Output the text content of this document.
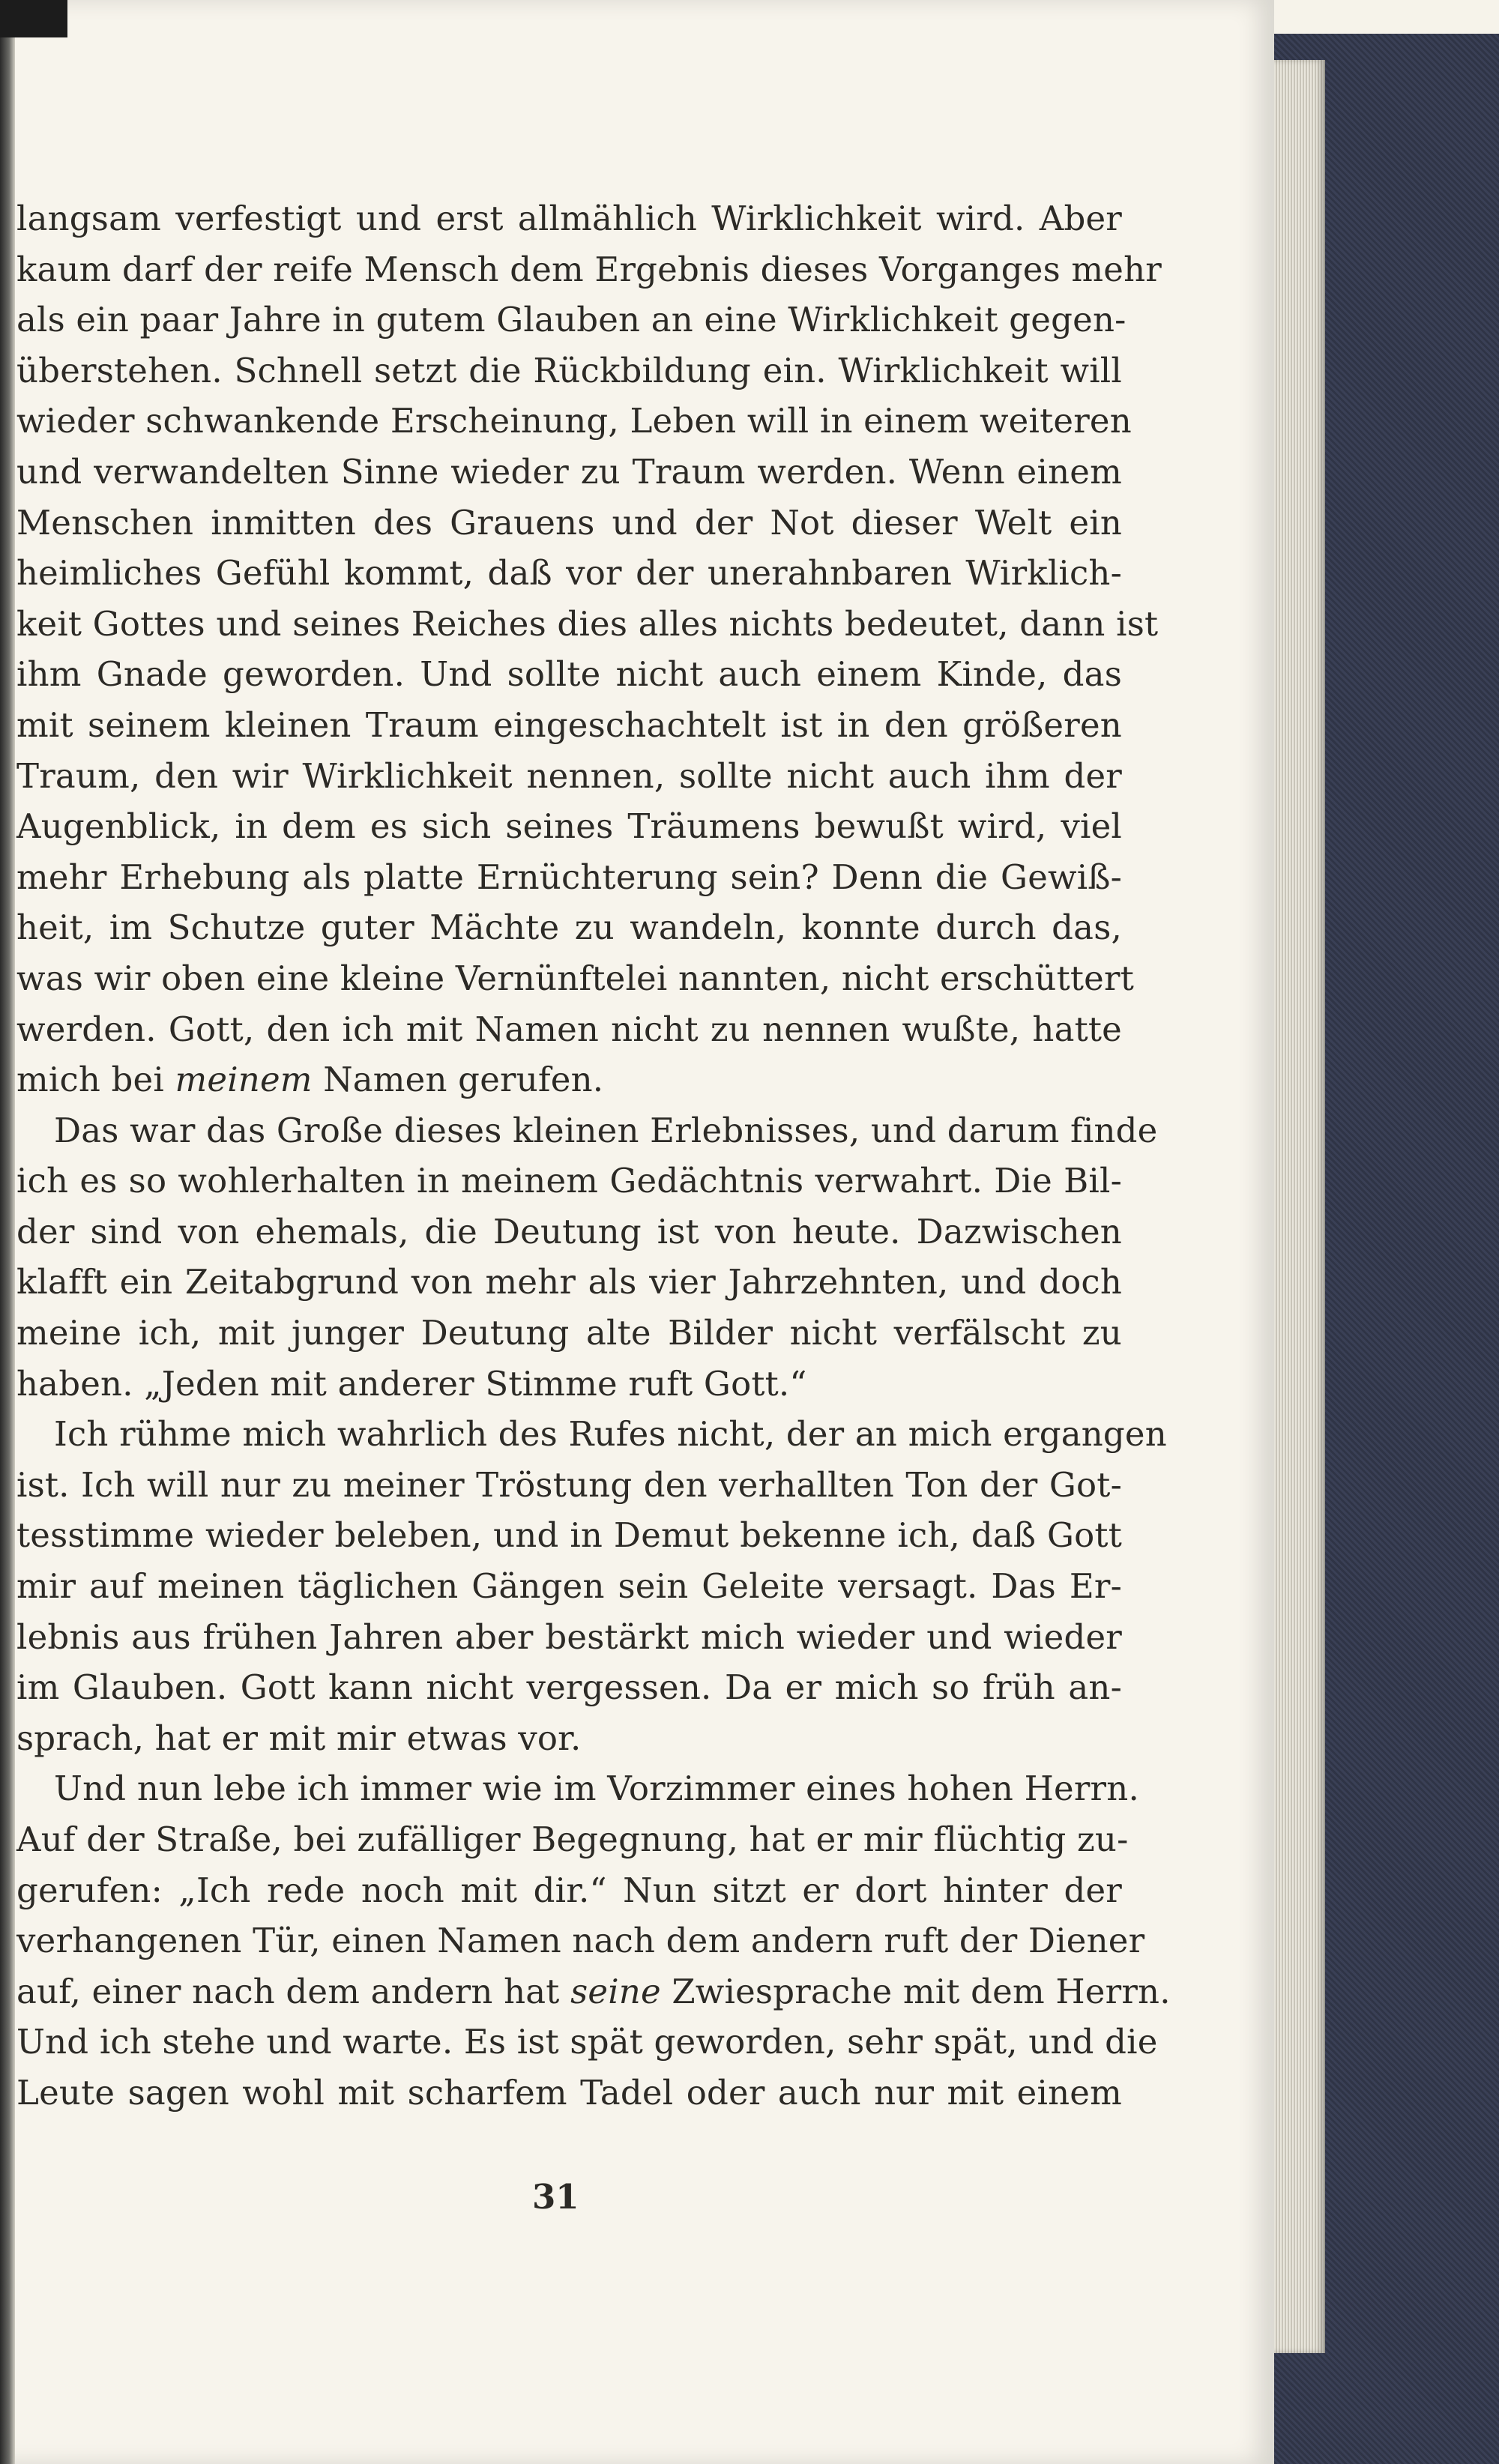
langsam verfestigt und erst allmählich Wirklichkeit wird. Aber
kaum darf der reife Mensch dem Ergebnis dieses Vorganges mehr
als ein paar Jahre in gutem Glauben an eine Wirklichkeit gegen-
überstehen. Schnell setzt die Rückbildung ein. Wirklichkeit will
wieder schwankende Erscheinung, Leben will in einem weiteren
und verwandelten Sinne wieder zu Traum werden. Wenn einem
Menschen inmitten des Grauens und der Not dieser Welt ein
heimliches Gefühl kommt, daß vor der unerahnbaren Wirklich-
keit Gottes und seines Reiches dies alles nichts bedeutet, dann ist
ihm Gnade geworden. Und sollte nicht auch einem Kinde, das
mit seinem kleinen Traum eingeschachtelt ist in den größeren
Traum, den wir Wirklichkeit nennen, sollte nicht auch ihm der
Augenblick, in dem es sich seines Träumens bewußt wird, viel
mehr Erhebung als platte Ernüchterung sein? Denn die Gewiß-
heit, im Schutze guter Mächte zu wandeln, konnte durch das,
was wir oben eine kleine Vernünftelei nannten, nicht erschüttert
werden. Gott, den ich mit Namen nicht zu nennen wußte, hatte
mich bei meinem Namen gerufen.
Das war das Große dieses kleinen Erlebnisses, und darum finde
ich es so wohlerhalten in meinem Gedächtnis verwahrt. Die Bil-
der sind von ehemals, die Deutung ist von heute. Dazwischen
klafft ein Zeitabgrund von mehr als vier Jahrzehnten, und doch
meine ich, mit junger Deutung alte Bilder nicht verfälscht zu
haben. „Jeden mit anderer Stimme ruft Gott.“
Ich rühme mich wahrlich des Rufes nicht, der an mich ergangen
ist. Ich will nur zu meiner Tröstung den verhallten Ton der Got-
tesstimme wieder beleben, und in Demut bekenne ich, daß Gott
mir auf meinen täglichen Gängen sein Geleite versagt. Das Er-
lebnis aus frühen Jahren aber bestärkt mich wieder und wieder
im Glauben. Gott kann nicht vergessen. Da er mich so früh an-
sprach, hat er mit mir etwas vor.
Und nun lebe ich immer wie im Vorzimmer eines hohen Herrn.
Auf der Straße, bei zufälliger Begegnung, hat er mir flüchtig zu-
gerufen: „Ich rede noch mit dir.“ Nun sitzt er dort hinter der
verhangenen Tür, einen Namen nach dem andern ruft der Diener
auf, einer nach dem andern hat seine Zwiesprache mit dem Herrn.
Und ich stehe und warte. Es ist spät geworden, sehr spät, und die
Leute sagen wohl mit scharfem Tadel oder auch nur mit einem
31
